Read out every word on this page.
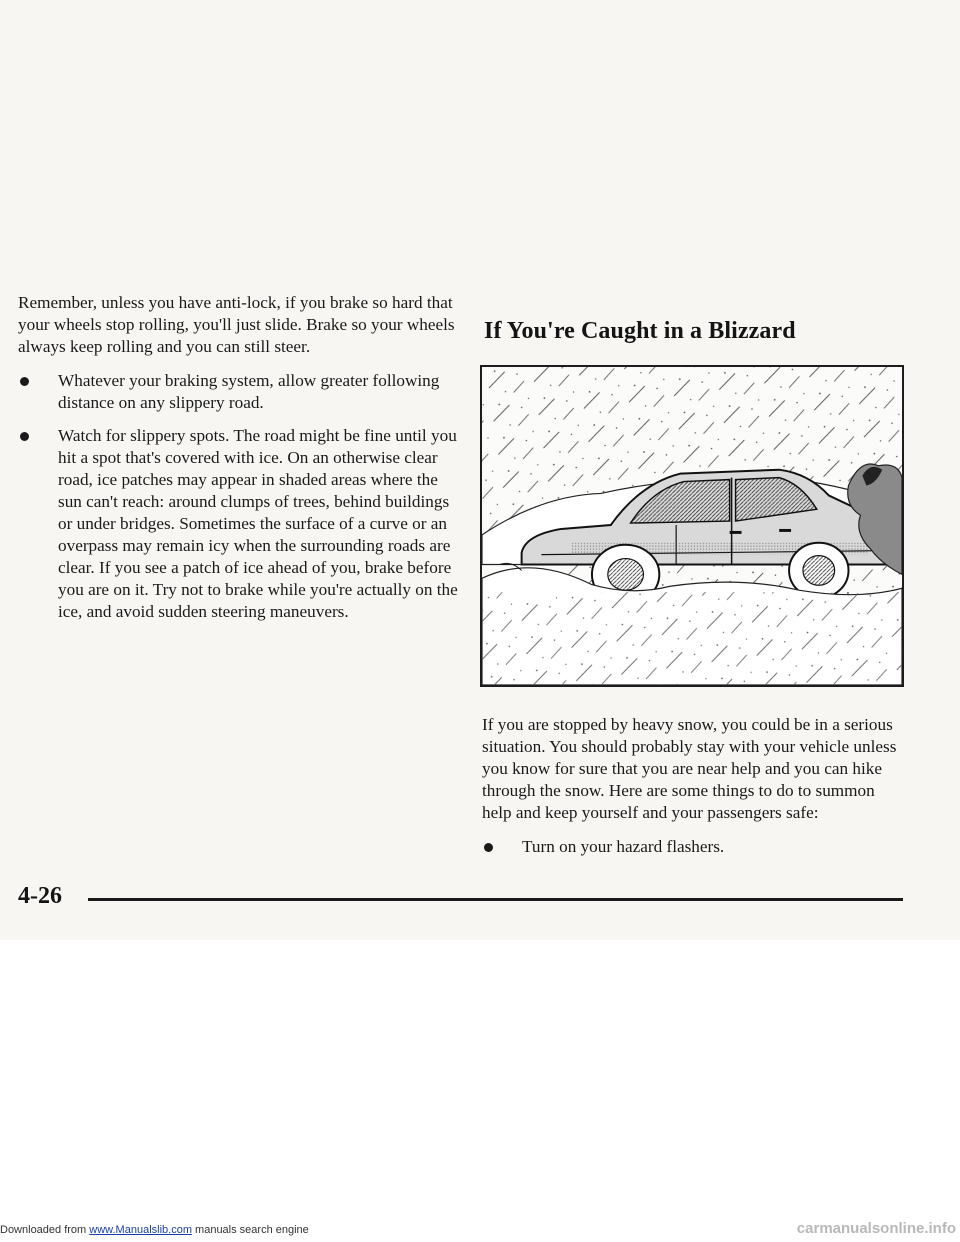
Remember, unless you have anti-lock, if you brake so hard that your wheels stop rolling, you'll just slide. Brake so your wheels always keep rolling and you can still steer.

Whatever your braking system, allow greater following distance on any slippery road.
Watch for slippery spots. The road might be fine until you hit a spot that's covered with ice. On an otherwise clear road, ice patches may appear in shaded areas where the sun can't reach: around clumps of trees, behind buildings or under bridges. Sometimes the surface of a curve or an overpass may remain icy when the surrounding roads are clear. If you see a patch of ice ahead of you, brake before you are on it. Try not to brake while you're actually on the ice, and avoid sudden steering maneuvers.
If You're Caught in a Blizzard

If you are stopped by heavy snow, you could be in a serious situation. You should probably stay with your vehicle unless you know for sure that you are near help and you can hike through the snow. Here are some things to do to summon help and keep yourself and your passengers safe:

Turn on your hazard flashers.
4-26
Downloaded from www.Manualslib.com manuals search engine	carmanualsonline.info
